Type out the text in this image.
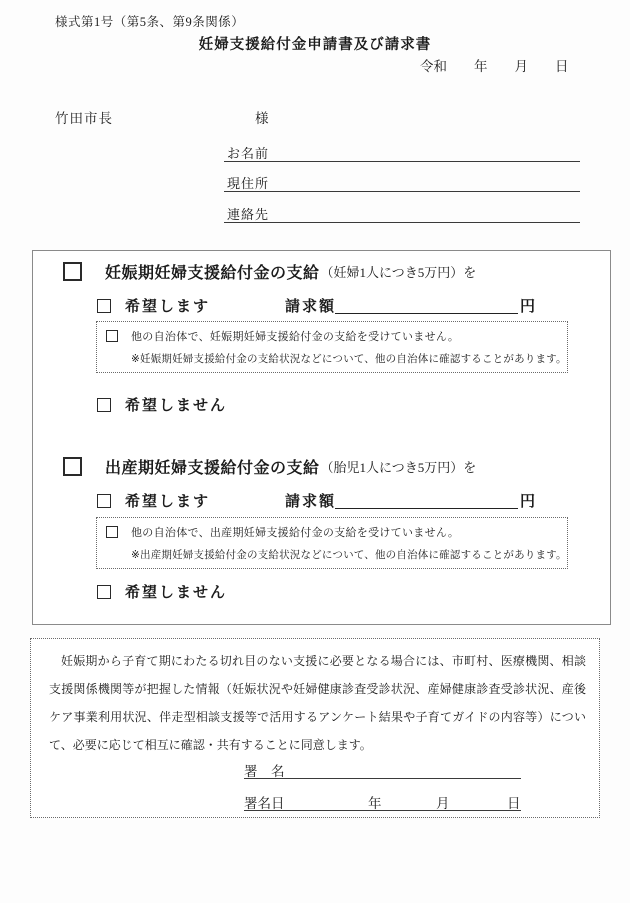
様式第1号（第5条、第9条関係）
妊婦支援給付金申請書及び請求書
令和 年 月 日
竹田市長	様
お名前
現住所
連絡先
妊娠期妊婦支援給付金の支給 （妊婦1人につき5万円）を
希望します	請求額	円
他の自治体で、妊娠期妊婦支援給付金の支給を受けていません。
※妊娠期妊婦支援給付金の支給状況などについて、他の自治体に確認することがあります。
希望しません
出産期妊婦支援給付金の支給 （胎児1人につき5万円）を
希望します	請求額	円
他の自治体で、出産期妊婦支援給付金の支給を受けていません。
※出産期妊婦支援給付金の支給状況などについて、他の自治体に確認することがあります。
希望しません
妊娠期から子育て期にわたる切れ目のない支援に必要となる場合には、市町村、医療機関、相談支援関係機関等が把握した情報（妊娠状況や妊婦健康診査受診状況、産婦健康診査受診状況、産後ケア事業利用状況、伴走型相談支援等で活用するアンケート結果や子育てガイドの内容等）について、必要に応じて相互に確認・共有することに同意します。
署　名
署名日	年	月	日
